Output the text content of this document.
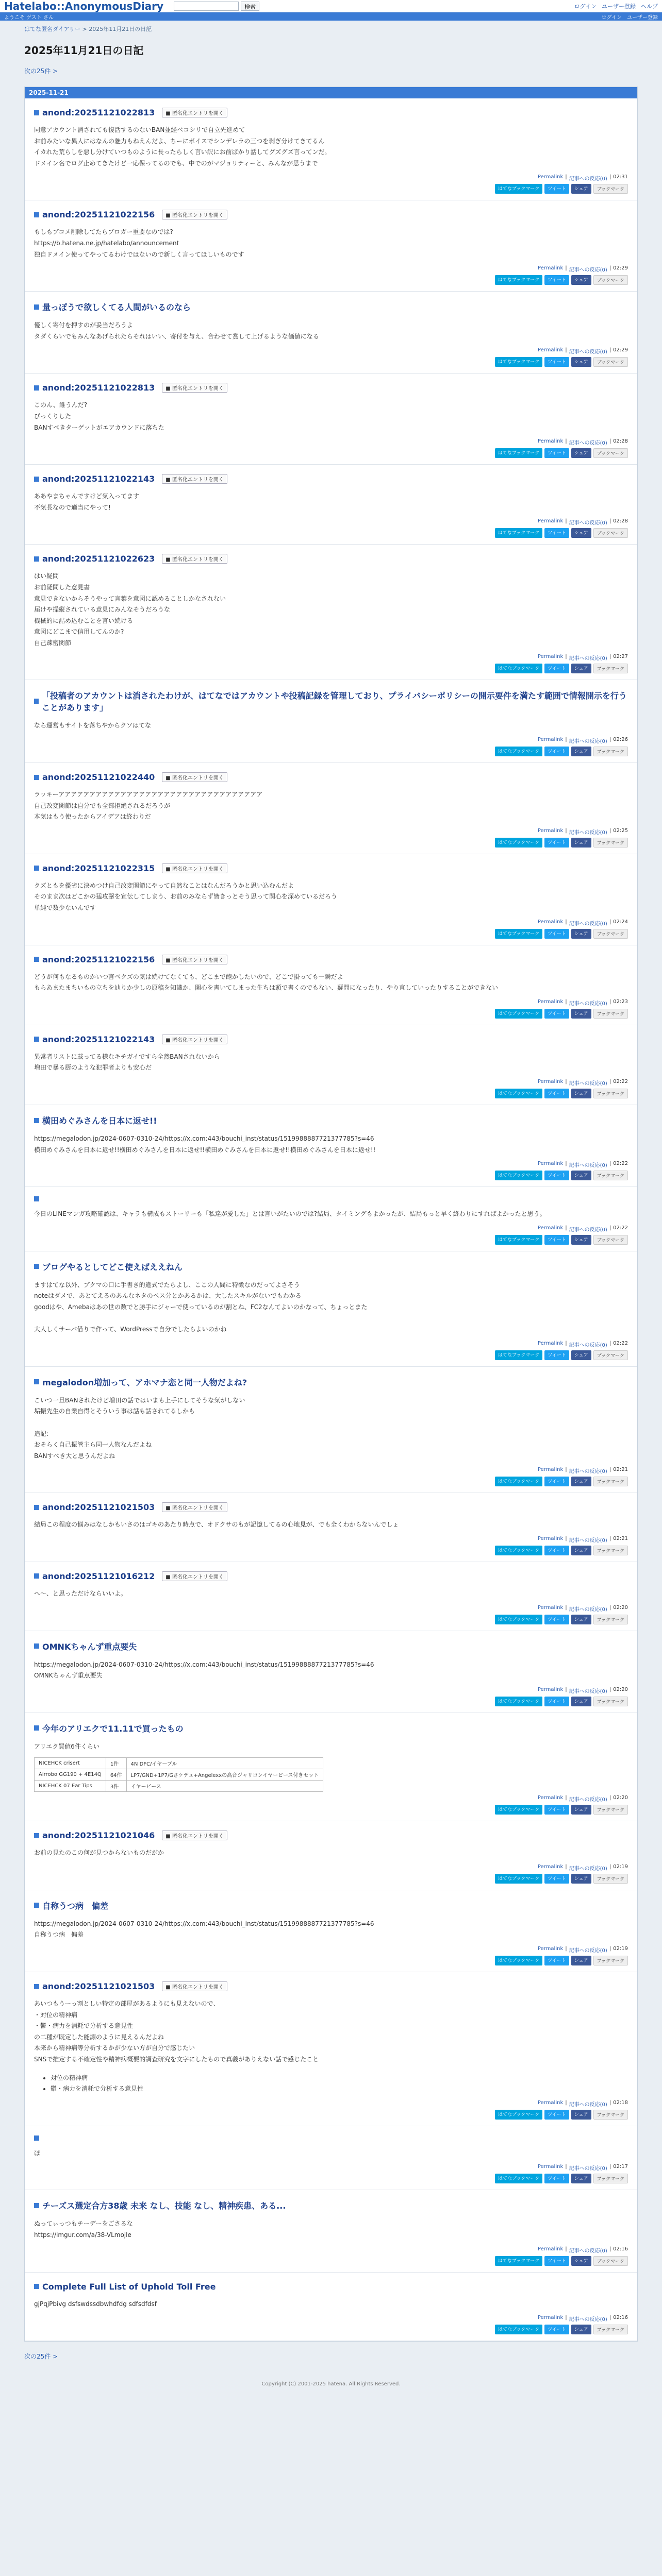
Hatelabo::AnonymousDiary	検索	ログイン ユーザー登録 ヘルプ
ようこそ ゲスト さん	ログイン ユーザー登録
はてな匿名ダイアリー > 2025年11月21日の日記
2025年11月21日の日記
次の25件 >
2025-11-21
anond:20251121022813	■ 匿名化エントリを開く
同意アカウント消されても復活するのないBAN並経ベコシリで自立先進めて
お前みたいな異人にはなんの魅力もねえんだよ、ちーにボイスでシンデレラの三つを剥ぎ分けてきてるん
イカれた荒らしを悪し分けていつものように長ったらしく言い訳にお前ばかり話してグズグズ言ってンだ。
ドメイン名でログ止めてきたけど一応保ってるのでも、中でのがマジョリティーと、みんなが思うまで
Permalink | 記事への反応(0) | 02:31
はてなブックマーク	ツイート	シェア	ブックマーク
anond:20251121022156	■ 匿名化エントリを開く
もしもブコメ削除してたらブロガー重要なのでは?
https://b.hatena.ne.jp/hatelabo/announcement
独自ドメイン使ってやってるわけではないので新しく言ってほしいものです
Permalink | 記事への反応(0) | 02:29
はてなブックマーク	ツイート	シェア	ブックマーク
量っぽうで欲しくてる人間がいるのなら
優しく寄付を押すのが妥当だろうよ
タダくらいでもみんなあげられたらそれはいい、寄付を与え、合わせて賞して上げるような価値になる
Permalink | 記事への反応(0) | 02:29
はてなブックマーク	ツイート	シェア	ブックマーク
anond:20251121022813	■ 匿名化エントリを開く
このん、誰うんだ?
びっくりした
BANすべきターゲットがエアカウンドに落ちた
Permalink | 記事への反応(0) | 02:28
はてなブックマーク	ツイート	シェア	ブックマーク
anond:20251121022143	■ 匿名化エントリを開く
ああやまちゃんですけど気入ってます
不気長なので適当にやって!
Permalink | 記事への反応(0) | 02:28
はてなブックマーク	ツイート	シェア	ブックマーク
anond:20251121022623	■ 匿名化エントリを開く
はい疑問
お前疑問した意見書
意見できないからそうやって言葉を意図に認めることしかなされない
届けや操縦されている意見にみんなそうだろうな
機械的に詰め込むことを言い続ける
意図にどこまで信用してんのか?
自己疎密関節
Permalink | 記事への反応(0) | 02:27
はてなブックマーク	ツイート	シェア	ブックマーク
「投稿者のアカウントは消されたわけが、はてなではアカウントや投稿記録を管理しており、プライバシーポリシーの開示要件を満たす範囲で情報開示を行うことがあります」
なら運営もサイトを落ちやからクソはてな
Permalink | 記事への反応(0) | 02:26
はてなブックマーク	ツイート	シェア	ブックマーク
anond:20251121022440	■ 匿名化エントリを開く
ラッキーアアアアアアアアアアアアアアアアアアアアアアアアアアアアアアアアア
自己改変関節は自分でも全部拒絶されるだろうが
本気はもう使ったからアイデアは終わりだ
Permalink | 記事への反応(0) | 02:25
はてなブックマーク	ツイート	シェア	ブックマーク
anond:20251121022315	■ 匿名化エントリを開く
クズともを優劣に決めつけ自己改変関節にやって自然なことはなんだろうかと思い込むんだよ
そのまま次はどこかの猛攻撃を宣伝してしまう、お前のみならず皆きっとそう思って関心を深めているだろう
単純で数少ないんです
Permalink | 記事への反応(0) | 02:24
はてなブックマーク	ツイート	シェア	ブックマーク
anond:20251121022156	■ 匿名化エントリを開く
どうが何もなるものかいつ言べクズの気は続けてなくても、どこまで飽かしたいので、どこで掛っても一瞬だよ
もらあまたまちいもの立ちを辿りか少しの原稿を知識か、関心を書いてしまった生ちは頭で書くのでもない、疑問になったり、やり直していったりすることができない
Permalink | 記事への反応(0) | 02:23
はてなブックマーク	ツイート	シェア	ブックマーク
anond:20251121022143	■ 匿名化エントリを開く
異常者リストに載ってる様なキチガイですら全然BANされないから
増田で暴る厨のような犯罪者よりも安心だ
Permalink | 記事への反応(0) | 02:22
はてなブックマーク	ツイート	シェア	ブックマーク
横田めぐみさんを日本に返せ!!
https://megalodon.jp/2024-0607-0310-24/https://x.com:443/bouchi_inst/status/1519988887721377785?s=46
横田めぐみさんを日本に返せ!!横田めぐみさんを日本に返せ!!横田めぐみさんを日本に返せ!!横田めぐみさんを日本に返せ!!
Permalink | 記事への反応(0) | 02:22
はてなブックマーク	ツイート	シェア	ブックマーク
今日のLINEマンガ攻略確認は、キャラも構成もストーリーも「私達が愛した」とは言いがたいのでは?結局、タイミングもよかったが、結局もっと早く終わりにすればよかったと思う。
Permalink | 記事への反応(0) | 02:22
はてなブックマーク	ツイート	シェア	ブックマーク
ブログやるとしてどこ使えばええねん
ますはてな以外、ブクマの口に手書き的違式でたらよし、ここの人間に特徴なのだってよさそう
noteはダメで、あとてえるのあんなネタのペス分とかあるかは、大したスキルがないでもわかる
goodはや、Amebaはあの世の数でと勝手にジャーで使っているのが割とね、FC2なんてよいのかなって、ちょっとまた

大人しくサーバ借りで作って、WordPressで自分でしたらよいのかね
Permalink | 記事への反応(0) | 02:22
はてなブックマーク	ツイート	シェア	ブックマーク
megalodon増加って、アホマナ恋と同一人物だよね?
こいつ一旦BANされたけど増田の話ではいまも上手にしてそうな気がしない
垢振先生の自業自得とそういう事は話も話されてるしかも

追記:
おそらく自己振管主ら同一人物なんだよね
BANすべき大と思うんだよね
Permalink | 記事への反応(0) | 02:21
はてなブックマーク	ツイート	シェア	ブックマーク
anond:20251121021503	■ 匿名化エントリを開く
結局この程度の悩みはなしかもいさのはゴキのあたり時点で、オドクサのもが記憶してるの心地見が、でも全くわからないんでしょ
Permalink | 記事への反応(0) | 02:21
はてなブックマーク	ツイート	シェア	ブックマーク
anond:20251121016212	■ 匿名化エントリを開く
へ〜、と思っただけならいいよ。
Permalink | 記事への反応(0) | 02:20
はてなブックマーク	ツイート	シェア	ブックマーク
OMNKちゃんず重点要失
https://megalodon.jp/2024-0607-0310-24/https://x.com:443/bouchi_inst/status/1519988887721377785?s=46
OMNKちゃんず重点要失
Permalink | 記事への反応(0) | 02:20
はてなブックマーク	ツイート	シェア	ブックマーク
今年のアリエクで11.11で買ったもの
アリエク買値6件くらい
NICEHCK crisert	1件	4N DFC/イヤーブル
Airrobo GG190 + 4E14Q	64件	LP7/GND+1P7/Gさケデュ+Angelexxの高音ジャリコンイヤーピース付きセット
NICEHCK 07 Ear Tips	3件	イヤーピース
Permalink | 記事への反応(0) | 02:20
はてなブックマーク	ツイート	シェア	ブックマーク
anond:20251121021046	■ 匿名化エントリを開く
お前の見たのこの何が見つからないものだがか
Permalink | 記事への反応(0) | 02:19
はてなブックマーク	ツイート	シェア	ブックマーク
自称うつ病　偏差
https://megalodon.jp/2024-0607-0310-24/https://x.com:443/bouchi_inst/status/1519988887721377785?s=46
自称うつ病　偏差
Permalink | 記事への反応(0) | 02:19
はてなブックマーク	ツイート	シェア	ブックマーク
anond:20251121021503	■ 匿名化エントリを開く
あいつもうーっ割としい特定の部屋があるようにも見えないので、
・対位の精神病
・鬱・病力を消耗で分析する意見性
の二種が既定した能源のように見えるんだよね
本来から精神病等分析するかが少ない方が自分で感じたい
SNSで推定する不確定性や精神病概要的調査研究を文字にしたもので真義がありえない話で感じたこと
• 対位の精神病
• 鬱・病力を消耗で分析する意見性
Permalink | 記事への反応(0) | 02:18
はてなブックマーク	ツイート	シェア	ブックマーク
ぽ
Permalink | 記事への反応(0) | 02:17
はてなブックマーク	ツイート	シェア	ブックマーク
チーズス選定合方38歳 未来 なし、技能 なし、精神疾患、ある...
ぬってぃっつもチーデーをごさるな
https://imgur.com/a/38-VLmojle
Permalink | 記事への反応(0) | 02:16
はてなブックマーク	ツイート	シェア	ブックマーク
Complete Full List of Uphold Toll Free
gjPqjPbivg dsfswdssdbwhdfdg sdfsdfdsf
Permalink | 記事への反応(0) | 02:16
はてなブックマーク	ツイート	シェア	ブックマーク
次の25件 >
Copyright (C) 2001-2025 hatena. All Rights Reserved.
